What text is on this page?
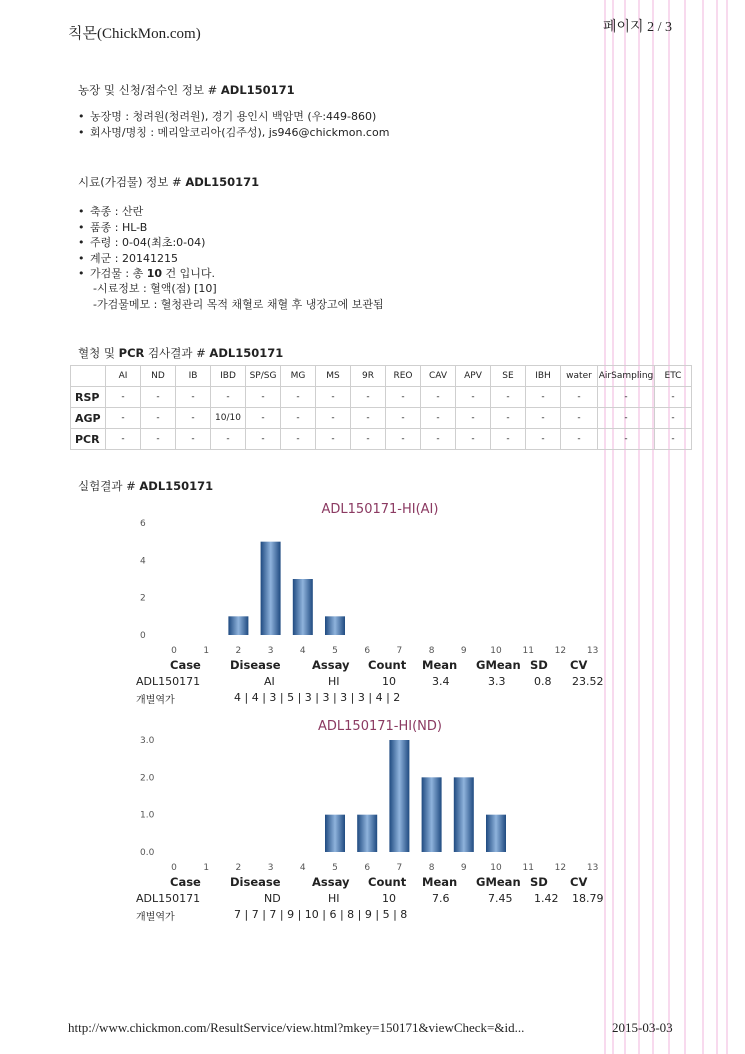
칙몬(ChickMon.com)	페이지 2 / 3
농장 및 신청/접수인 정보 # ADL150171
• 농장명 : 청려원(청려원), 경기 용인시 백암면 (우:449-860)
• 회사명/명칭 : 메리알코리아(김주성), js946@chickmon.com
시료(가검물) 정보 # ADL150171
• 축종 : 산란
• 품종 : HL-B
• 주령 : 0-04(최초:0-04)
• 계군 : 20141215
• 가검물 : 총 10 건 입니다.
-시료정보 : 혈액(점) [10]
-가검물메모 : 혈청관리 목적 채혈로 채혈 후 냉장고에 보관됨
혈청 및 PCR 검사결과 # ADL150171
	AI	ND	IB	IBD	SP/SG	MG	MS	9R	REO	CAV	APV	SE	IBH	water	AirSampling	ETC
RSP	-	-	-	-	-	-	-	-	-	-	-	-	-	-	-	-
AGP	-	-	-	10/10	-	-	-	-	-	-	-	-	-	-	-	-
PCR	-	-	-	-	-	-	-	-	-	-	-	-	-	-	-	-
실험결과 # ADL150171
ADL150171-HI(AI)
0
2
4
6
0	1	2	3	4	5	6	7	8	9	10 11 12 13
Case	Disease	Assay Count Mean GMean SD CV
ADL150171	AI	HI	10	3.4	3.3	0.8 23.52
개별역가	4 | 4 | 3 | 5 | 3 | 3 | 3 | 3 | 4 | 2
ADL150171-HI(ND)
0.0
1.0
2.0
3.0
0	1	2	3	4	5	6	7	8	9	10 11 12 13
Case	Disease	Assay Count Mean GMean SD CV
ADL150171	ND	HI	10	7.6	7.45 1.42 18.79
개별역가	7 | 7 | 7 | 9 | 10 | 6 | 8 | 9 | 5 | 8
http://www.chickmon.com/ResultService/view.html?mkey=150171&viewCheck=&id...	2015-03-03
